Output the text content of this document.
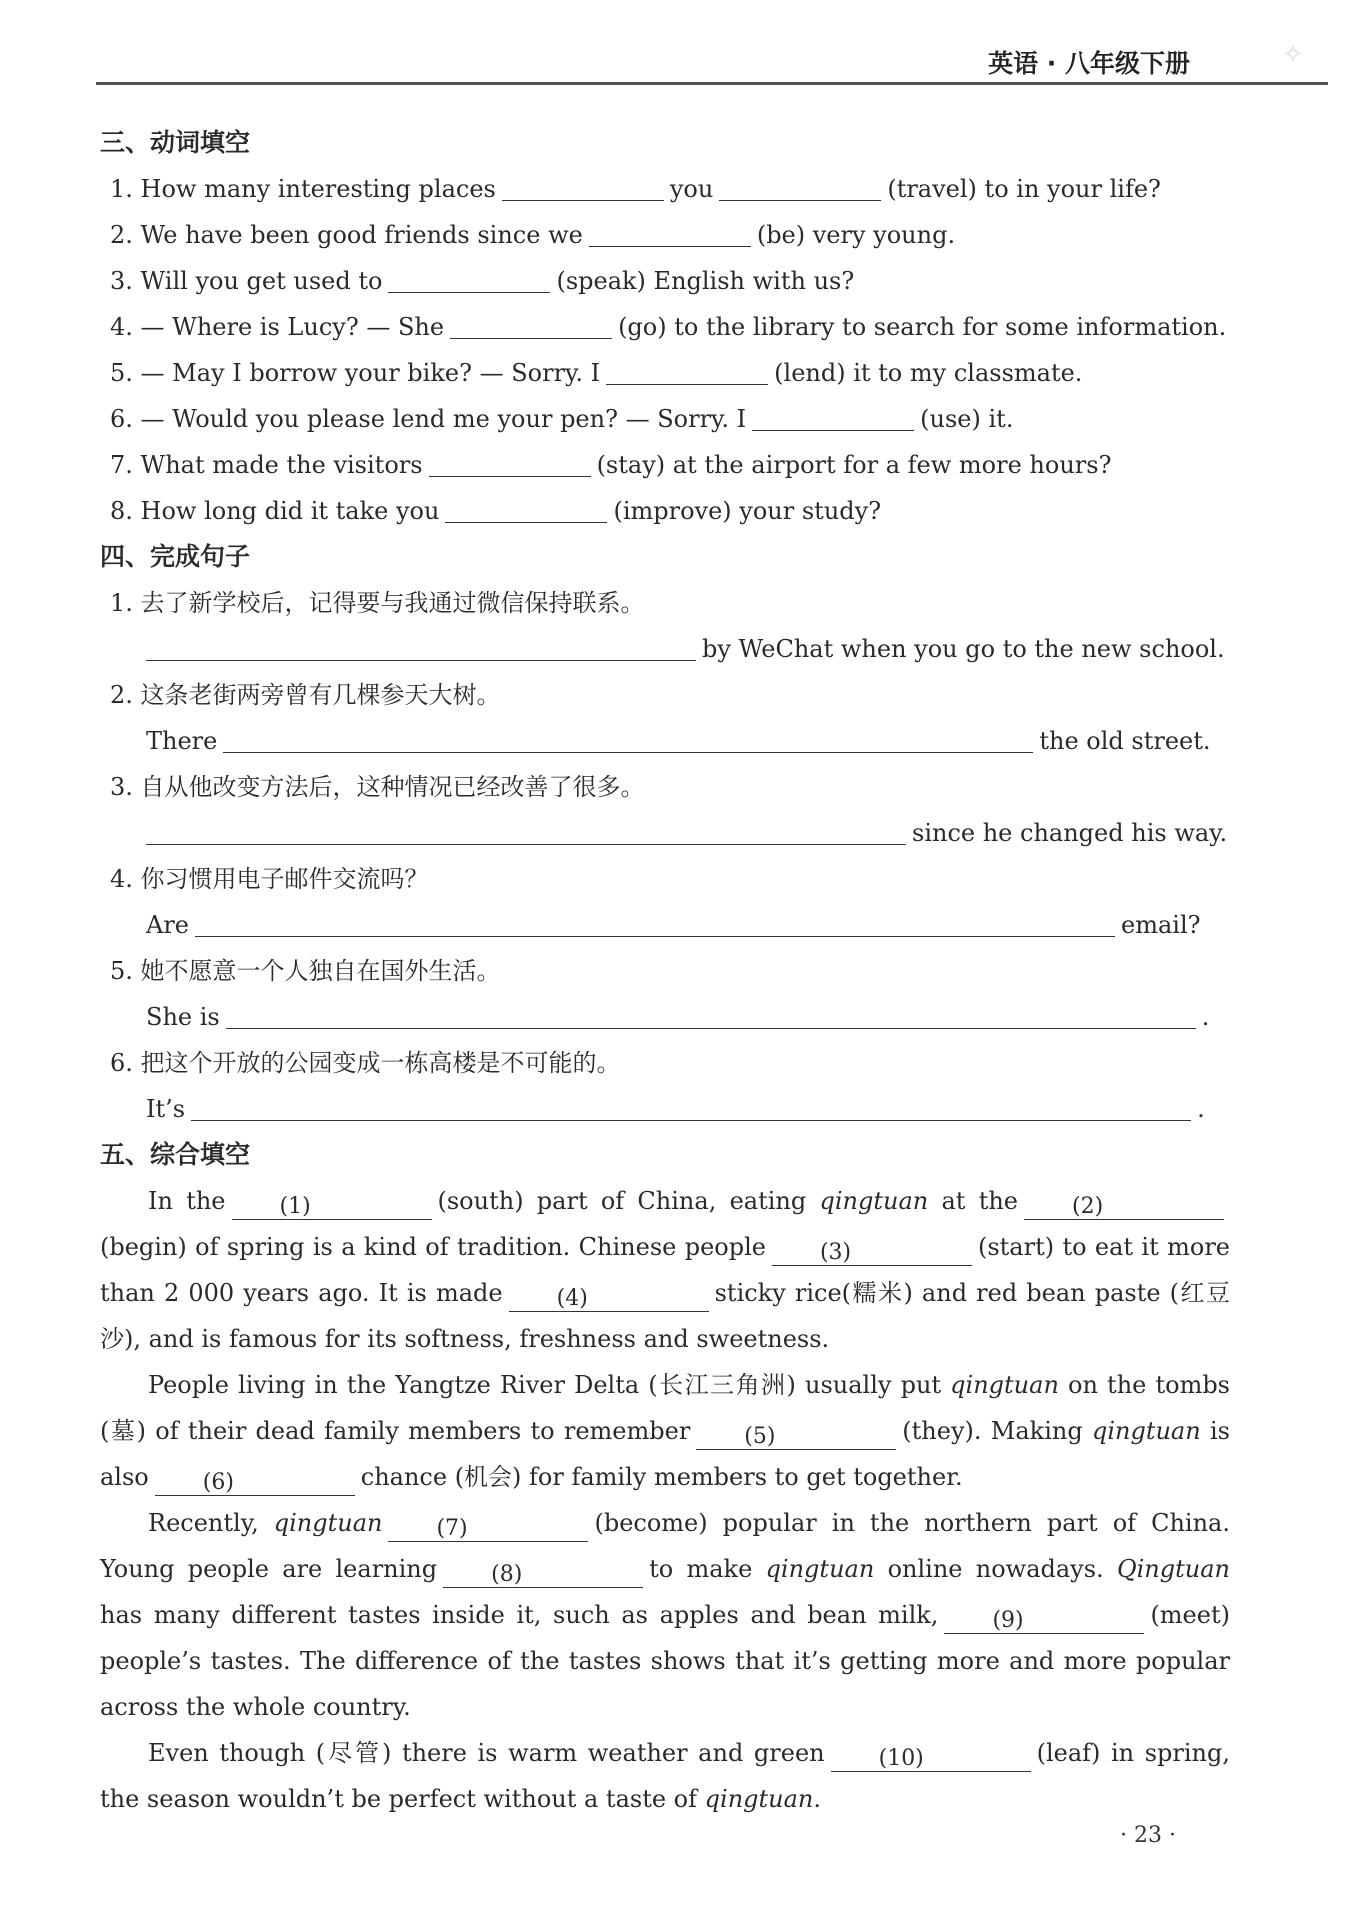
英语 · 八年级下册	✧
三、动词填空
1. How many interesting places	you	(travel) to in your life?
2. We have been good friends since we	(be) very young.
3. Will you get used to	(speak) English with us?
4. — Where is Lucy? — She	(go) to the library to search for some information.
5. — May I borrow your bike? — Sorry. I	(lend) it to my classmate.
6. — Would you please lend me your pen? — Sorry. I	(use) it.
7. What made the visitors	(stay) at the airport for a few more hours?
8. How long did it take you	(improve) your study?
四、完成句子
1. 去了新学校后，记得要与我通过微信保持联系。
by WeChat when you go to the new school.
2. 这条老街两旁曾有几棵参天大树。
There	the old street.
3. 自从他改变方法后，这种情况已经改善了很多。
since he changed his way.
4. 你习惯用电子邮件交流吗？
Are	email?
5. 她不愿意一个人独自在国外生活。
She is	.
6. 把这个开放的公园变成一栋高楼是不可能的。
It’s	.
五、综合填空

In the (1)	(south) part of China, eating qingtuan at the (2) (begin) of spring is a kind of tradition. Chinese people (3)	(start) to eat it more than 2 000 years ago. It is made (4)	sticky rice(糯米) and red bean paste (红豆沙), and is famous for its softness, freshness and sweetness.

People living in the Yangtze River Delta (长江三角洲) usually put qingtuan on the tombs (墓) of their dead family members to remember (5)	(they). Making qingtuan is also (6)	chance (机会) for family members to get together.

Recently, qingtuan (7)	(become) popular in the northern part of China. Young people are learning (8)	to make qingtuan online nowadays. Qingtuan has many different tastes inside it, such as apples and bean milk, (9)	(meet) people’s tastes. The difference of the tastes shows that it’s getting more and more popular across the whole country.

Even though (尽管) there is warm weather and green (10)	(leaf) in spring, the season wouldn’t be perfect without a taste of qingtuan.

· 23 ·
